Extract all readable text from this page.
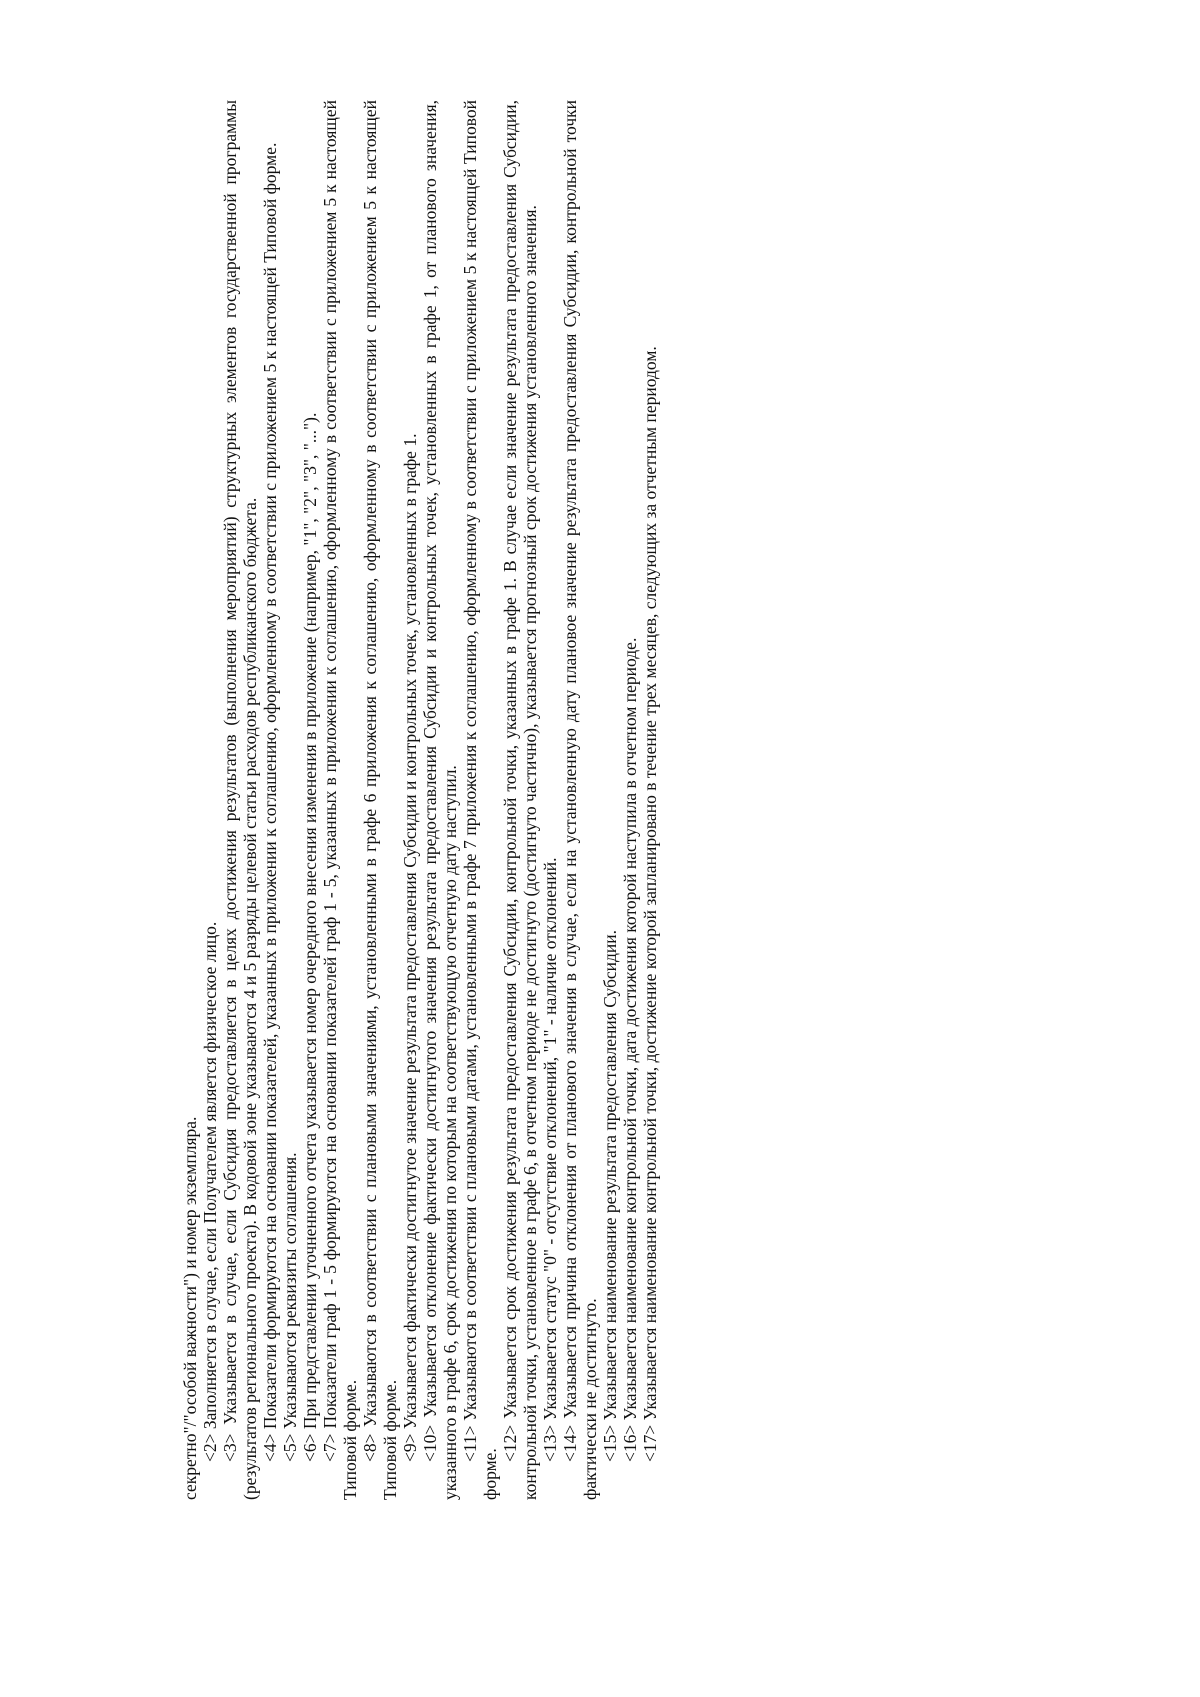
секретно"/"особой важности") и номер экземпляра. <2> Заполняется в случае, если Получателем является физическое лицо. <3> Указывается в случае, если Субсидия предоставляется в целях достижения результатов (выполнения мероприятий) структурных элементов государственной программы (результатов регионального проекта). В кодовой зоне указываются 4 и 5 разряды целевой статьи расходов республиканского бюджета. <4> Показатели формируются на основании показателей, указанных в приложении к соглашению, оформленному в соответствии с приложением 5 к настоящей Типовой форме. <5> Указываются реквизиты соглашения. <6> При представлении уточненного отчета указывается номер очередного внесения изменения в приложение (например, "1", "2", "3", "..."). <7> Показатели граф 1 - 5 формируются на основании показателей граф 1 - 5, указанных в приложении к соглашению, оформленному в соответствии с приложением 5 к настоящей Типовой форме. <8> Указываются в соответствии с плановыми значениями, установленными в графе 6 приложения к соглашению, оформленному в соответствии с приложением 5 к настоящей Типовой форме. <9> Указывается фактически достигнутое значение результата предоставления Субсидии и контрольных точек, установленных в графе 1. <10> Указывается отклонение фактически достигнутого значения результата предоставления Субсидии и контрольных точек, установленных в графе 1, от планового значения, указанного в графе 6, срок достижения по которым на соответствующую отчетную дату наступил. <11> Указываются в соответствии с плановыми датами, установленными в графе 7 приложения к соглашению, оформленному в соответствии с приложением 5 к настоящей Типовой форме.

<12> Указывается срок достижения результата предоставления Субсидии, контрольной точки, указанных в графе 1. В случае если значение результата предоставления Субсидии, контрольной точки, установленное в графе 6, в отчетном периоде не достигнуто (достигнуто частично), указывается прогнозный срок достижения установленного значения. <13> Указывается статус "0" - отсутствие отклонений, "1" - наличие отклонений. <14> Указывается причина отклонения от планового значения в случае, если на установленную дату плановое значение результата предоставления Субсидии, контрольной точки фактически не достигнуто. <15> Указывается наименование результата предоставления Субсидии. <16> Указывается наименование контрольной точки, дата достижения которой наступила в отчетном периоде. <17> Указывается наименование контрольной точки, достижение которой запланировано в течение трех месяцев, следующих за отчетным периодом.
